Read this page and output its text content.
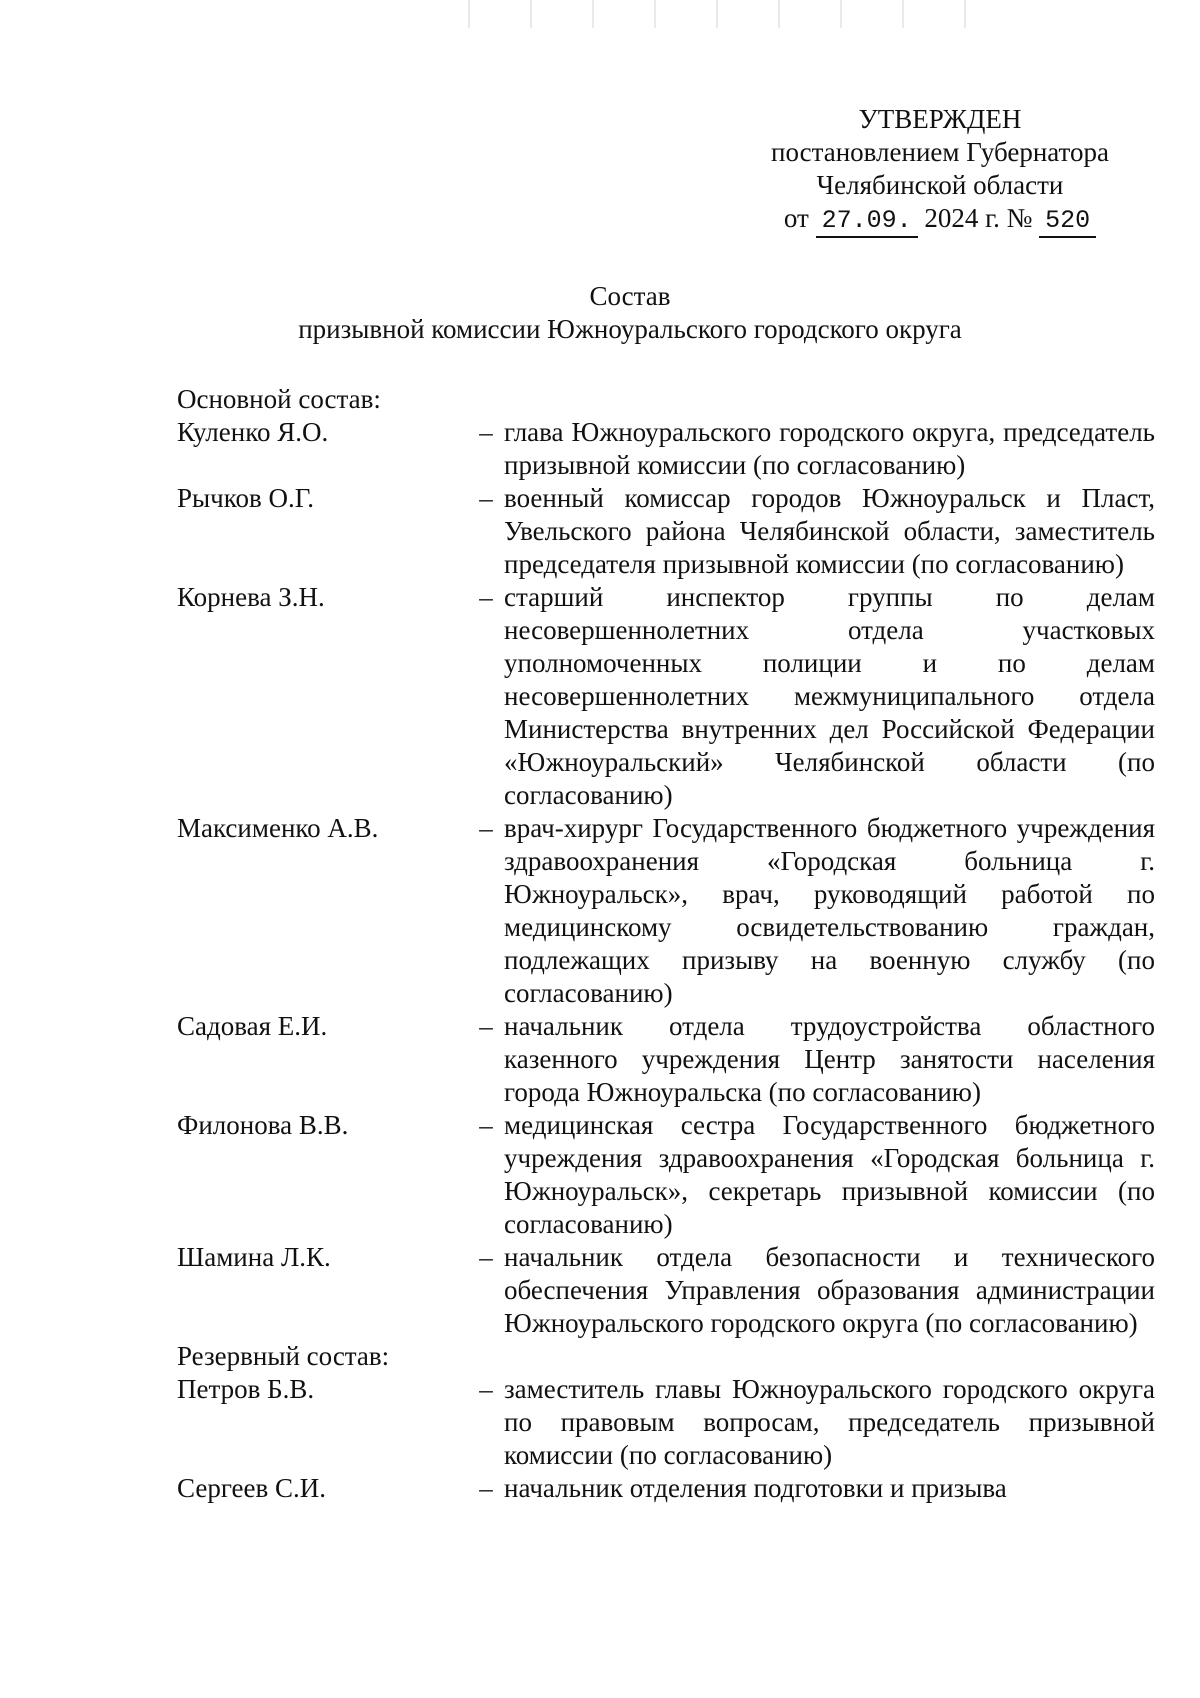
УТВЕРЖДЕН
постановлением Губернатора
Челябинской области
от 27.09. 2024 г. № 520
Состав
призывной комиссии Южноуральского городского округа
Основной состав:
Куленко Я.О.	– глава Южноуральского городского округа, председатель призывной комиссии (по согласованию)
Рычков О.Г.	– военный комиссар городов Южноуральск и Пласт, Увельского района Челябинской области, заместитель председателя призывной комиссии (по согласованию)
Корнева З.Н.	– старший инспектор группы по делам несовершеннолетних отдела участковых уполномоченных полиции и по делам несовершеннолетних межмуниципального отдела Министерства внутренних дел Российской Федерации «Южноуральский» Челябинской области (по согласованию)
Максименко А.В.	– врач-хирург Государственного бюджетного учреждения здравоохранения «Городская больница г. Южноуральск», врач, руководящий работой по медицинскому освидетельствованию граждан, подлежащих призыву на военную службу (по согласованию)
Садовая Е.И.	– начальник отдела трудоустройства областного казенного учреждения Центр занятости населения города Южноуральска (по согласованию)
Филонова В.В.	– медицинская сестра Государственного бюджетного учреждения здравоохранения «Городская больница г. Южноуральск», секретарь призывной комиссии (по согласованию)
Шамина Л.К.	– начальник отдела безопасности и технического обеспечения Управления образования администрации Южноуральского городского округа (по согласованию)
Резервный состав:
Петров Б.В.	– заместитель главы Южноуральского городского округа по правовым вопросам, председатель призывной комиссии (по согласованию)
Сергеев С.И.	– начальник отделения подготовки и призыва
